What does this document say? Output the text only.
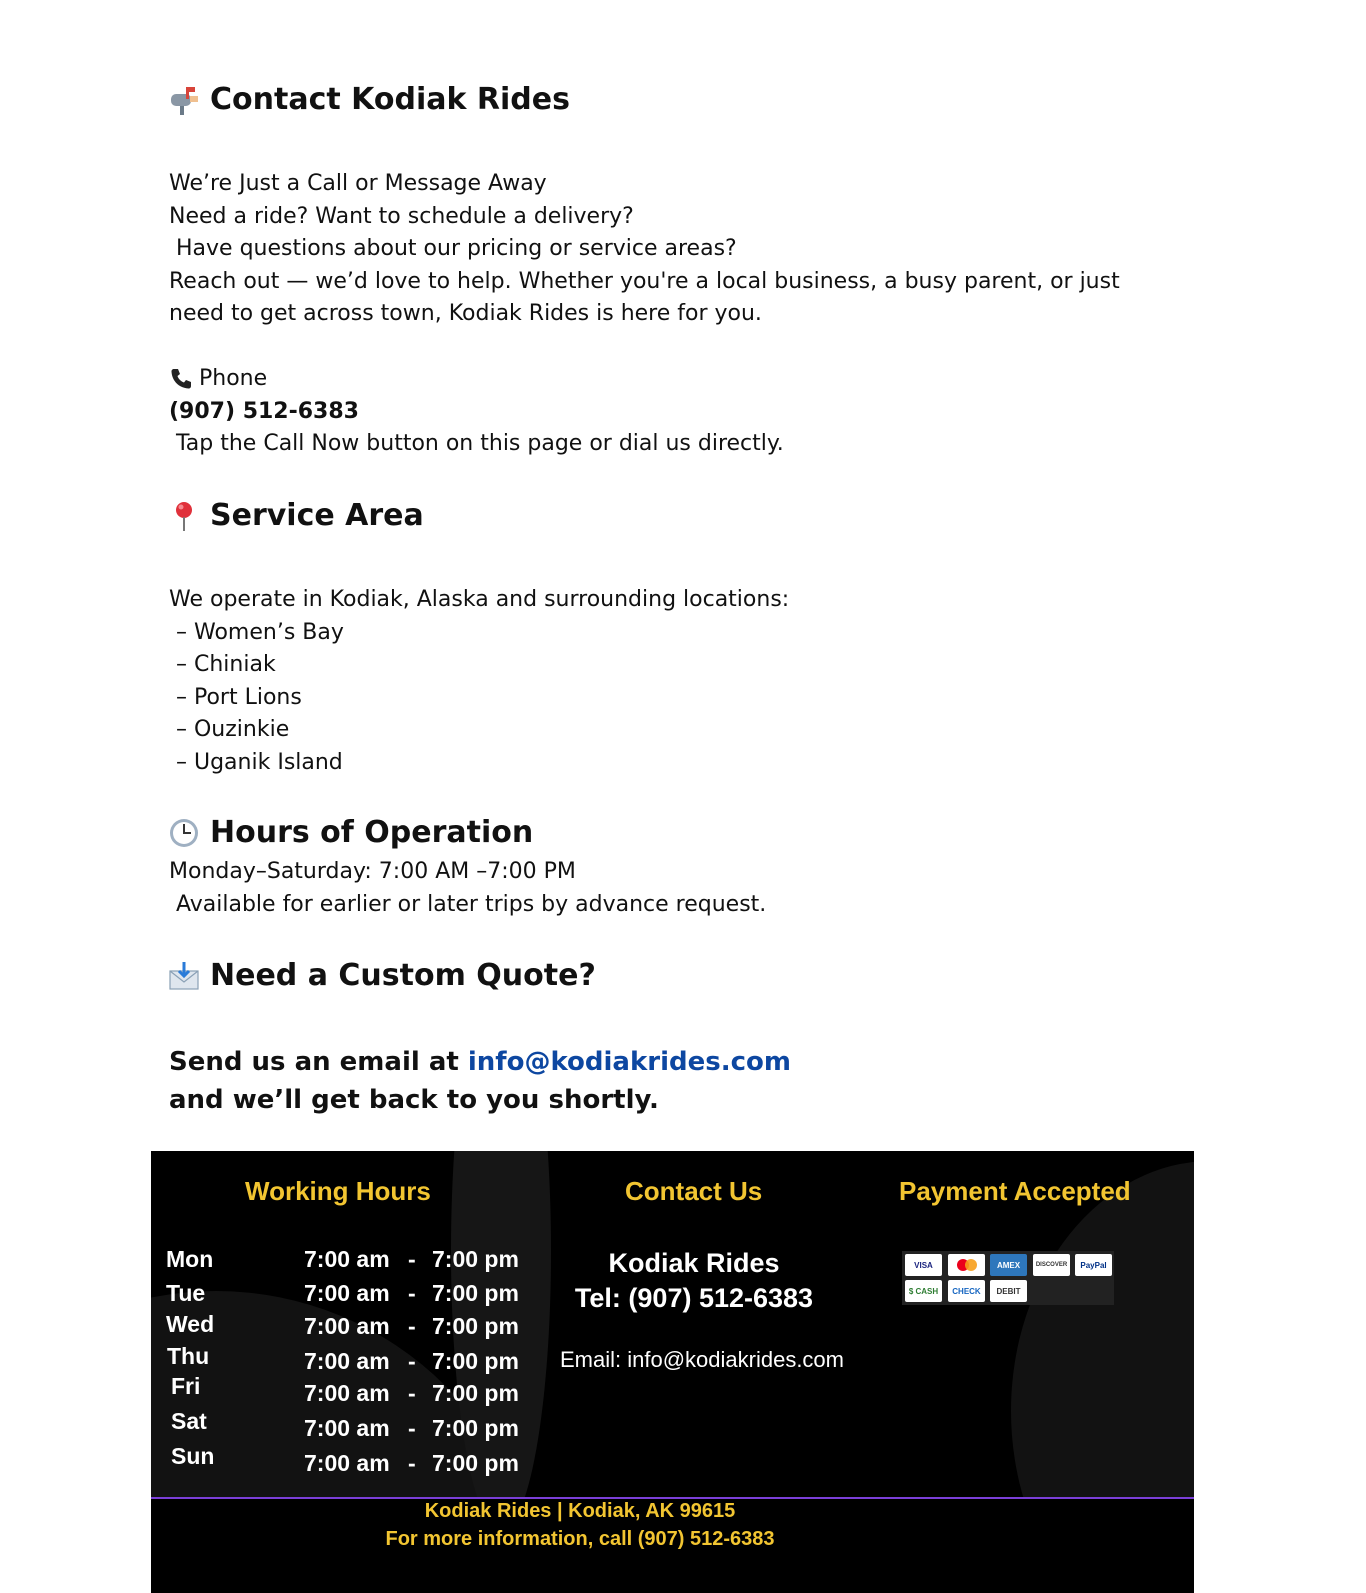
Contact Kodiak Rides
We’re Just a Call or Message Away
Need a ride? Want to schedule a delivery?
Have questions about our pricing or service areas?
Reach out — we’d love to help. Whether you're a local business, a busy parent, or just
need to get across town, Kodiak Rides is here for you.
Phone
(907) 512-6383
Tap the Call Now button on this page or dial us directly.
Service Area
We operate in Kodiak, Alaska and surrounding locations:
– Women’s Bay
– Chiniak
– Port Lions
– Ouzinkie
– Uganik Island
Hours of Operation
Monday–Saturday: 7:00 AM –7:00 PM
Available for earlier or later trips by advance request.
Need a Custom Quote?
Send us an email at info@kodiakrides.com
and we’ll get back to you shortly.
Working Hours	Contact Us	Payment Accepted
Mon	7:00 am - 7:00 pm
Tue	7:00 am - 7:00 pm
Wed	7:00 am - 7:00 pm
Thu	7:00 am - 7:00 pm
Fri	7:00 am - 7:00 pm
Sat	7:00 am - 7:00 pm
Sun	7:00 am - 7:00 pm
Kodiak Rides
Tel: (907) 512-6383
Email: info@kodiakrides.com
VISA	AMEX	DISCOVER	PayPal
$ CASH	CHECK	DEBIT
Kodiak Rides | Kodiak, AK 99615
For more information, call (907) 512-6383
